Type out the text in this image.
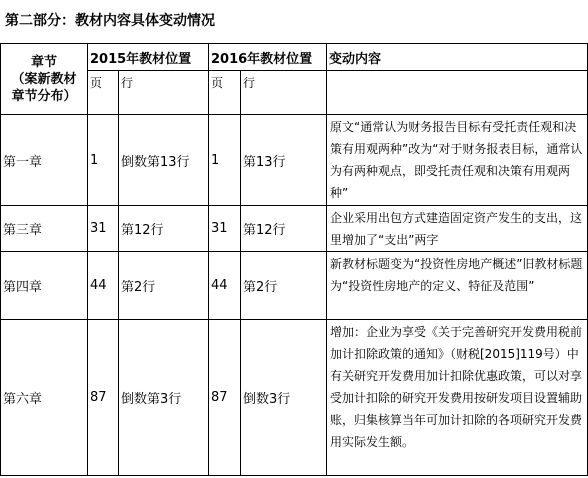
第二部分：教材内容具体变动情况
章节
（案新教材
章节分布）	2015年教材位置		2016年教材位置		变动内容
	页	行	页	行	
第一章	1	倒数第13行	1	第13行	原文“通常认为财务报告目标有受托责任观和决策有用观两种”改为“对于财务报表目标，通常认为有两种观点，即受托责任观和决策有用观两种”
第三章	31	第12行	31	第12行	企业采用出包方式建造固定资产发生的支出，这里增加了“支出”两字
第四章	44	第2行	44	第2行	新教材标题变为“投资性房地产概述”旧教材标题为“投资性房地产的定义、特征及范围”
第六章	87	倒数第3行	87	倒数3行	增加：企业为享受《关于完善研究开发费用税前加计扣除政策的通知》（财税[2015]119号）中有关研究开发费用加计扣除优惠政策，可以对享受加计扣除的研究开发费用按研发项目设置辅助账，归集核算当年可加计扣除的各项研究开发费用实际发生额。
